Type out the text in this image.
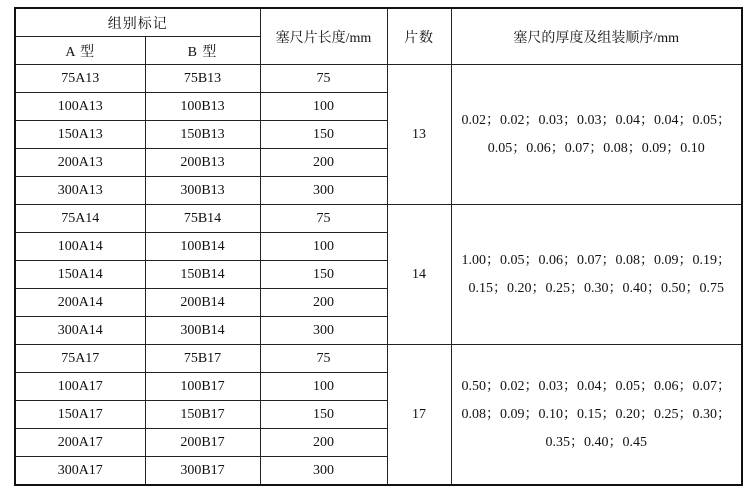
组别标记		塞尺片长度/mm	片数	塞尺的厚度及组装顺序/mm
A 型	B 型			
75A13	75B13	75	13	0.02；0.02；0.03；0.03；0.04；0.04；0.05；0.05；0.06；0.07；0.08；0.09；0.10

100A13	100B13	100		
150A13	150B13	150		
200A13	200B13	200		
300A13	300B13	300		
75A14	75B14	75	14	1.00；0.05；0.06；0.07；0.08；0.09；0.19；0.15；0.20；0.25；0.30；0.40；0.50；0.75

100A14	100B14	100		
150A14	150B14	150		
200A14	200B14	200		
300A14	300B14	300		
75A17	75B17	75	17	0.50；0.02；0.03；0.04；0.05；0.06；0.07；0.08；0.09；0.10；0.15；0.20；0.25；0.30；0.35；0.40；0.45

100A17	100B17	100		
150A17	150B17	150		
200A17	200B17	200		
300A17	300B17	300		
